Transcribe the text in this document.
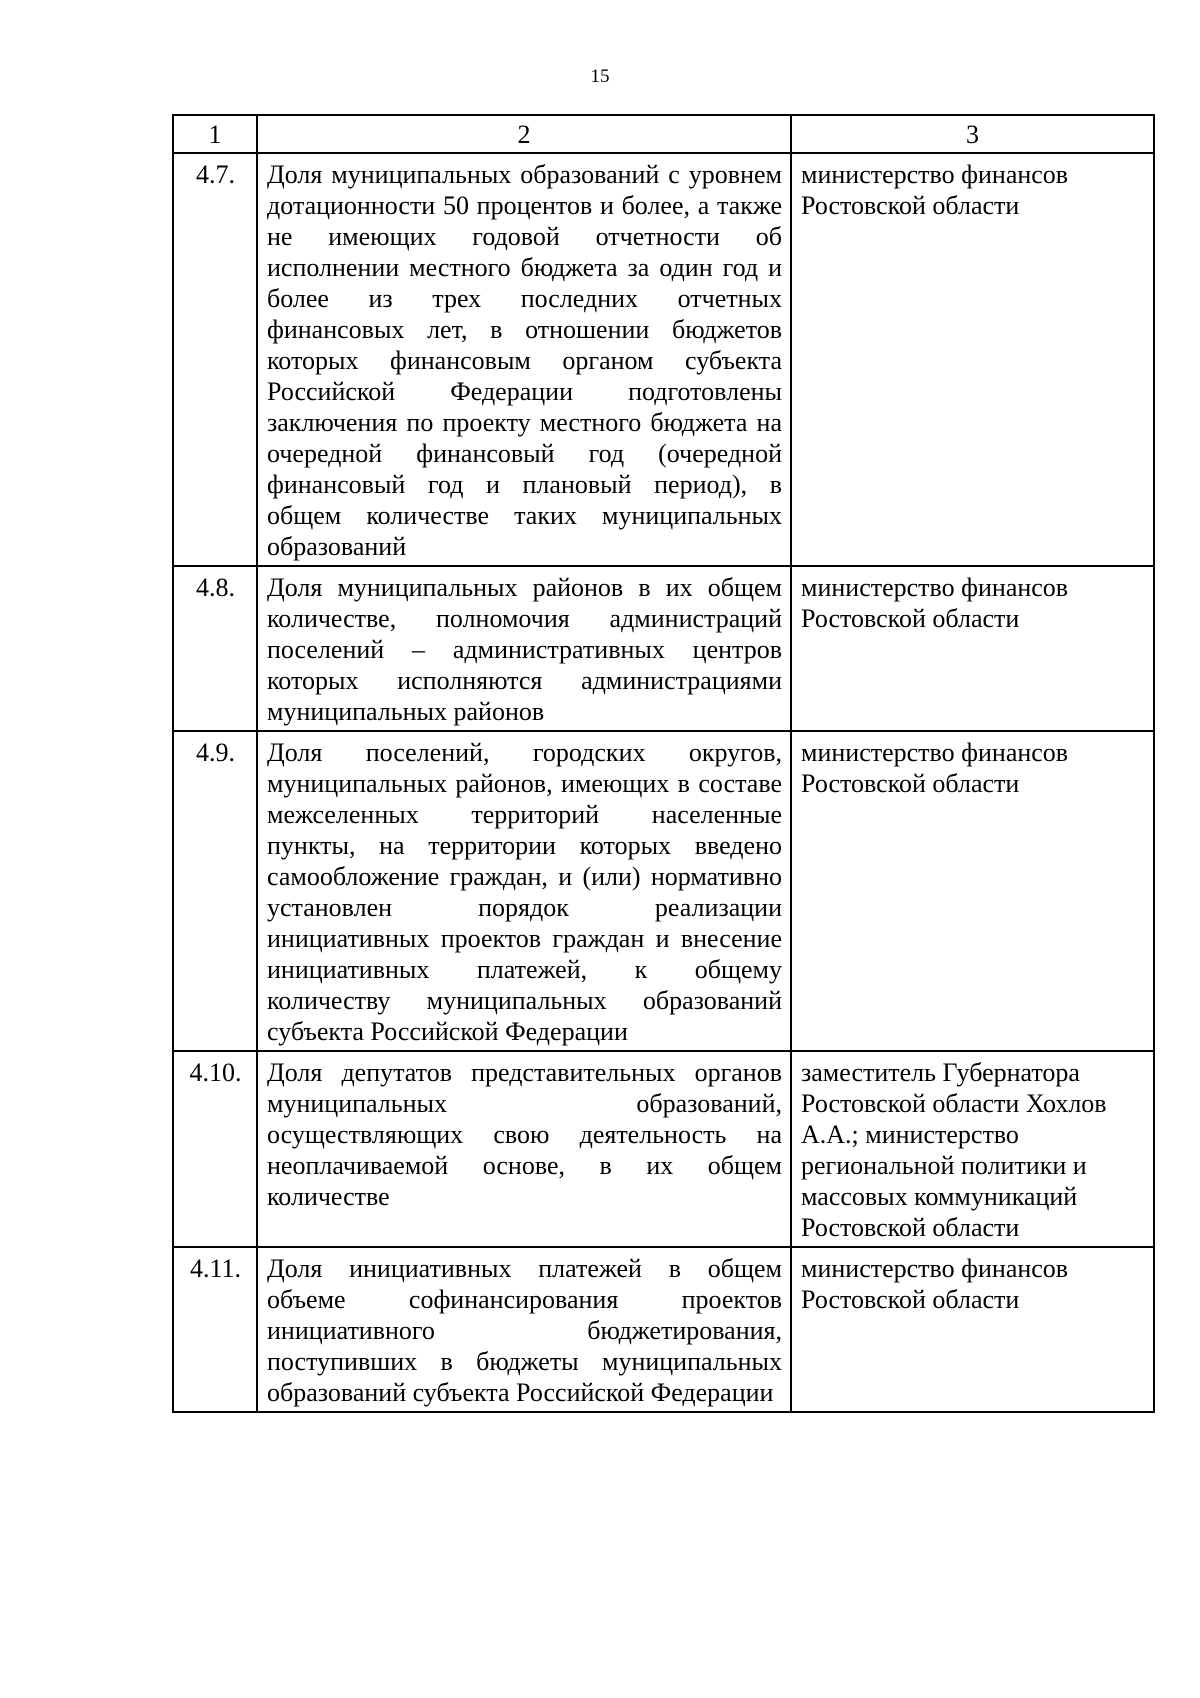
15
1	2	3
4.7.	Доля муниципальных образований с уровнем дотационности 50 процентов и более, а также не имеющих годовой отчетности об исполнении местного бюджета за один год и более из трех последних отчетных финансовых лет, в отношении бюджетов которых финансовым органом субъекта Российской Федерации подготовлены заключения по проекту местного бюджета на очередной финансовый год (очередной финансовый год и плановый период), в общем количестве таких муниципальных образований	министерство финансов Ростовской области
4.8.	Доля муниципальных районов в их общем количестве, полномочия администраций поселений – административных центров которых исполняются администрациями муниципальных районов	министерство финансов Ростовской области
4.9.	Доля поселений, городских округов, муниципальных районов, имеющих в составе межселенных территорий населенные пункты, на территории которых введено самообложение граждан, и (или) нормативно установлен порядок реализации инициативных проектов граждан и внесение инициативных платежей, к общему количеству муниципальных образований субъекта Российской Федерации	министерство финансов Ростовской области
4.10.	Доля депутатов представительных органов муниципальных образований, осуществляющих свою деятельность на неоплачиваемой основе, в их общем количестве	заместитель Губернатора Ростовской области Хохлов А.А.; министерство региональной политики и массовых коммуникаций Ростовской области
4.11.	Доля инициативных платежей в общем объеме софинансирования проектов инициативного бюджетирования, поступивших в бюджеты муниципальных образований субъекта Российской Федерации	министерство финансов Ростовской области
